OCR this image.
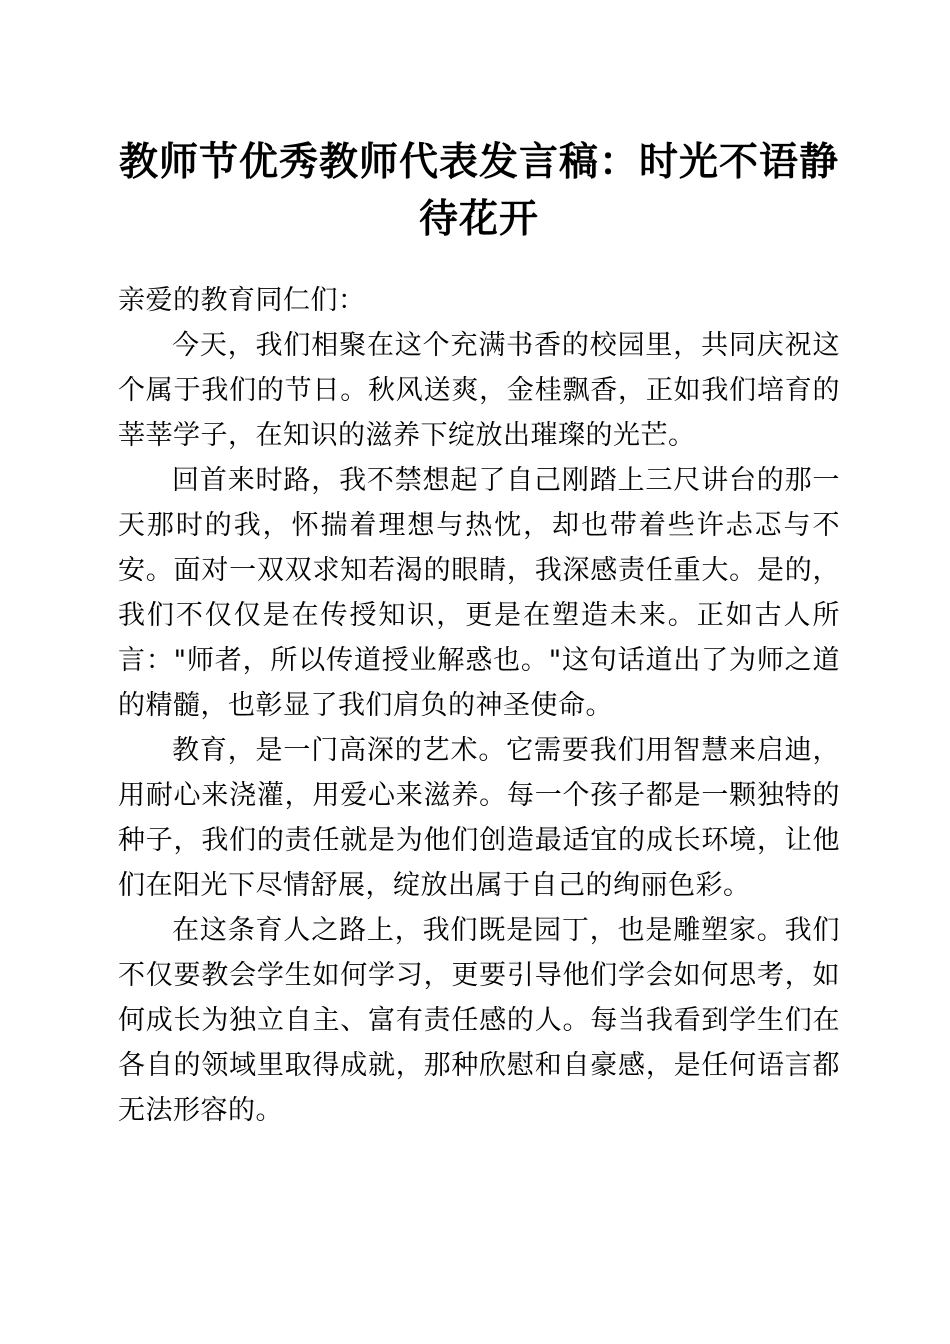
教师节优秀教师代表发言稿：时光不语静待花开

亲爱的教育同仁们：

今天，我们相聚在这个充满书香的校园里，共同庆祝这个属于我们的节日。秋风送爽，金桂飘香，正如我们培育的莘莘学子，在知识的滋养下绽放出璀璨的光芒。

回首来时路，我不禁想起了自己刚踏上三尺讲台的那一天那时的我，怀揣着理想与热忱，却也带着些许忐忑与不安。面对一双双求知若渴的眼睛，我深感责任重大。是的，我们不仅仅是在传授知识，更是在塑造未来。正如古人所言："师者，所以传道授业解惑也。"这句话道出了为师之道的精髓，也彰显了我们肩负的神圣使命。

教育，是一门高深的艺术。它需要我们用智慧来启迪，用耐心来浇灌，用爱心来滋养。每一个孩子都是一颗独特的种子，我们的责任就是为他们创造最适宜的成长环境，让他们在阳光下尽情舒展，绽放出属于自己的绚丽色彩。

在这条育人之路上，我们既是园丁，也是雕塑家。我们不仅要教会学生如何学习，更要引导他们学会如何思考，如何成长为独立自主、富有责任感的人。每当我看到学生们在各自的领域里取得成就，那种欣慰和自豪感，是任何语言都无法形容的。
